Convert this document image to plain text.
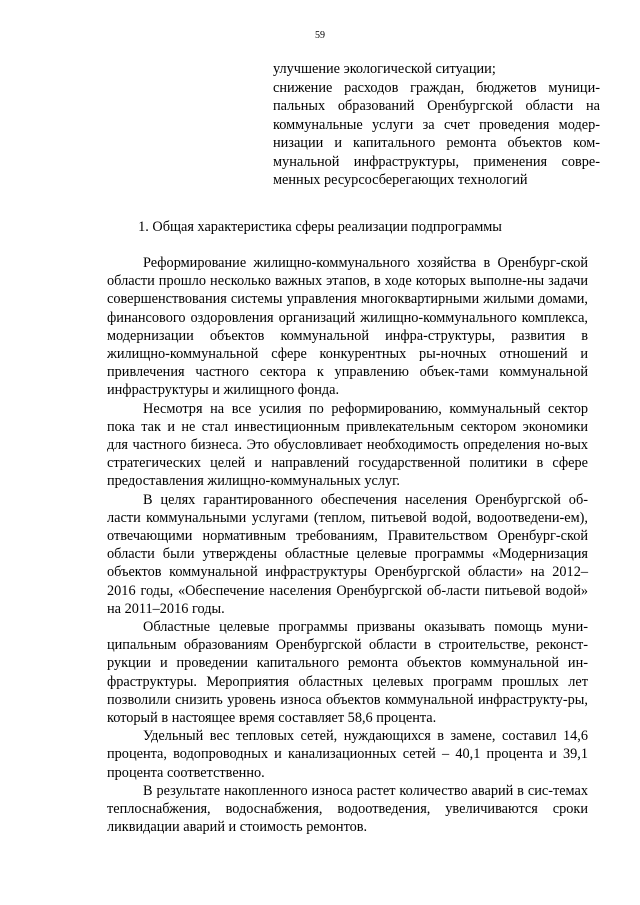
59

улучшение экологической ситуации;

снижение расходов граждан, бюджетов муници-пальных образований Оренбургской области на коммунальные услуги за счет проведения модер-низации и капитального ремонта объектов ком-мунальной инфраструктуры, применения совре-менных ресурсосберегающих технологий

1. Общая характеристика сферы реализации подпрограммы

Реформирование жилищно-коммунального хозяйства в Оренбург-ской области прошло несколько важных этапов, в ходе которых выполне-ны задачи совершенствования системы управления многоквартирными жилыми домами, финансового оздоровления организаций жилищно-коммунального комплекса, модернизации объектов коммунальной инфра-структуры, развития в жилищно-коммунальной сфере конкурентных ры-ночных отношений и привлечения частного сектора к управлению объек-тами коммунальной инфраструктуры и жилищного фонда.

Несмотря на все усилия по реформированию, коммунальный сектор пока так и не стал инвестиционным привлекательным сектором экономики для частного бизнеса. Это обусловливает необходимость определения но-вых стратегических целей и направлений государственной политики в сфере предоставления жилищно-коммунальных услуг.

В целях гарантированного обеспечения населения Оренбургской об-ласти коммунальными услугами (теплом, питьевой водой, водоотведени-ем), отвечающими нормативным требованиям, Правительством Оренбург-ской области были утверждены областные целевые программы «Модернизация объектов коммунальной инфраструктуры Оренбургской области» на 2012–2016 годы, «Обеспечение населения Оренбургской об-ласти питьевой водой» на 2011–2016 годы.

Областные целевые программы призваны оказывать помощь муни-ципальным образованиям Оренбургской области в строительстве, реконст-рукции и проведении капитального ремонта объектов коммунальной ин-фраструктуры. Мероприятия областных целевых программ прошлых лет позволили снизить уровень износа объектов коммунальной инфраструкту-ры, который в настоящее время составляет 58,6 процента.

Удельный вес тепловых сетей, нуждающихся в замене, составил 14,6 процента, водопроводных и канализационных сетей – 40,1 процента и 39,1 процента соответственно.

В результате накопленного износа растет количество аварий в сис-темах теплоснабжения, водоснабжения, водоотведения, увеличиваются сроки ликвидации аварий и стоимость ремонтов.
